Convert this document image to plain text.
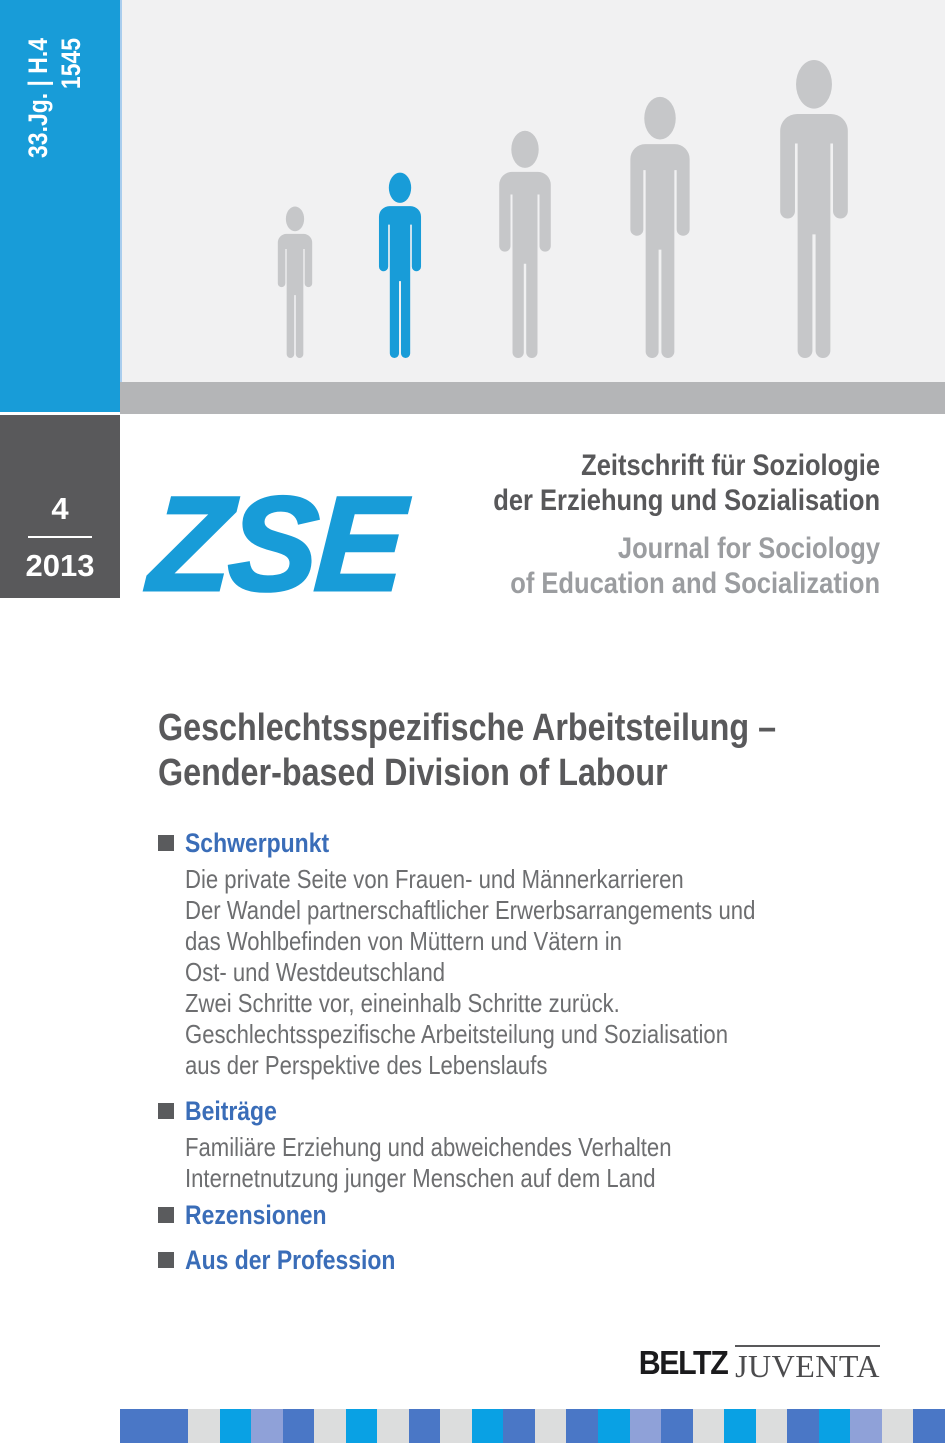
33.Jg. | H.4 1545
4
2013 ZSE
Zeitschrift für Soziologie
der Erziehung und Sozialisation
Journal for Sociology
of Education and Socialization
Geschlechtsspezifische Arbeitsteilung –
Gender-based Division of Labour
Schwerpunkt
Die private Seite von Frauen- und Männerkarrieren
Der Wandel partnerschaftlicher Erwerbsarrangements und
das Wohlbefinden von Müttern und Vätern in
Ost- und Westdeutschland
Zwei Schritte vor, eineinhalb Schritte zurück.
Geschlechtsspezifische Arbeitsteilung und Sozialisation
aus der Perspektive des Lebenslaufs
Beiträge
Familiäre Erziehung und abweichendes Verhalten
Internetnutzung junger Menschen auf dem Land
Rezensionen
Aus der Profession
BELTZ JUVENTA
